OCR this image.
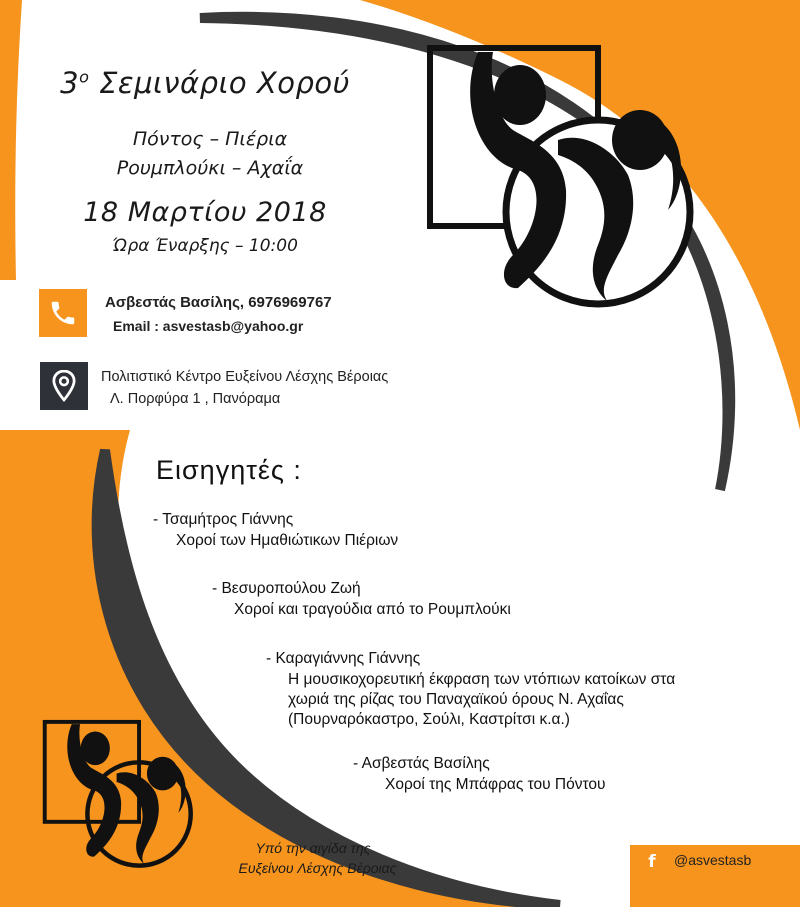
$3^o$ Σεμινάριο Χορού
Πόντος – Πιέρια
Ρουμπλούκι – Αχαΐα
18 Μαρτίου 2018
Ώρα Έναρξης – 10:00
Ασβεστάς Βασίλης, 6976969767
Email : asvestasb@yahoo.gr
Πολιτιστικό Κέντρο Ευξείνου Λέσχης Βέροιας
Λ. Πορφύρα 1 , Πανόραμα
Εισηγητές :
- Τσαμήτρος Γιάννης
Χοροί των Ημαθιώτικων Πιέριων
- Βεσυροπούλου Ζωή
Χοροί και τραγούδια από το Ρουμπλούκι
- Καραγιάννης Γιάννης
Η μουσικοχορευτική έκφραση των ντόπιων κατοίκων στα
χωριά της ρίζας του Παναχαϊκού όρους Ν. Αχαΐας
(Πουρναρόκαστρο, Σούλι, Καστρίτσι κ.α.)
- Ασβεστάς Βασίλης
Χοροί της Μπάφρας του Πόντου
Υπό την αιγίδα της
Ευξείνου Λέσχης Βέροιας	f	@asvestasb
